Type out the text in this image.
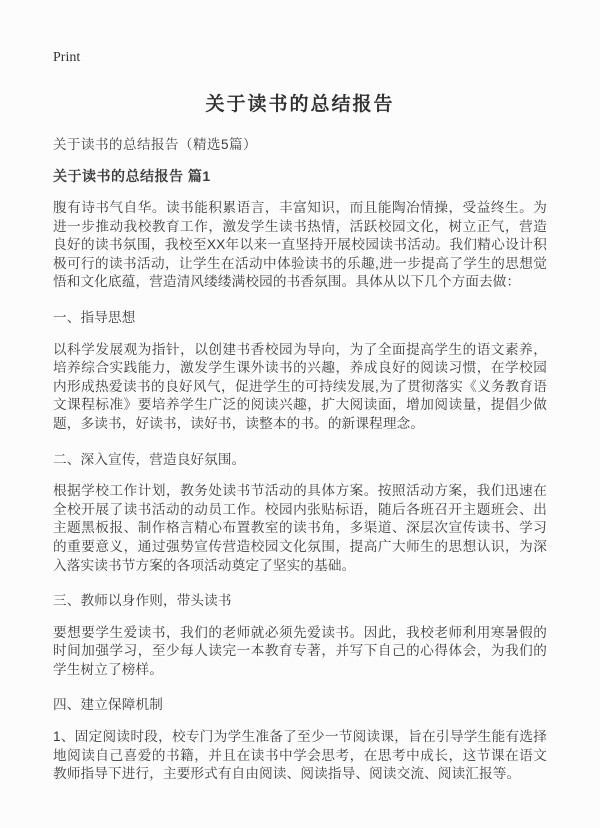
Print
关于读书的总结报告
关于读书的总结报告（精选5篇）
关于读书的总结报告 篇1

腹有诗书气自华。读书能积累语言，丰富知识，而且能陶冶情操，受益终生。为进一步推动我校教育工作，激发学生读书热情，活跃校园文化，树立正气，营造良好的读书氛围，我校至XX年以来一直坚持开展校园读书活动。我们精心设计积极可行的读书活动，让学生在活动中体验读书的乐趣,进一步提高了学生的思想觉悟和文化底蕴，营造清风缕缕满校园的书香氛围。具体从以下几个方面去做：

一、指导思想

以科学发展观为指针，以创建书香校园为导向，为了全面提高学生的语文素养，培养综合实践能力，激发学生课外读书的兴趣，养成良好的阅读习惯，在学校园内形成热爱读书的良好风气，促进学生的可持续发展,为了贯彻落实《义务教育语文课程标准》要培养学生广泛的阅读兴趣，扩大阅读面，增加阅读量，提倡少做题，多读书，好读书，读好书，读整本的书。的新课程理念。

二、深入宣传，营造良好氛围。

根据学校工作计划，教务处读书节活动的具体方案。按照活动方案，我们迅速在全校开展了读书活动的动员工作。校园内张贴标语，随后各班召开主题班会、出主题黑板报、制作格言精心布置教室的读书角，多渠道、深层次宣传读书、学习的重要意义，通过强势宣传营造校园文化氛围，提高广大师生的思想认识，为深入落实读书节方案的各项活动奠定了坚实的基础。

三、教师以身作则，带头读书

要想要学生爱读书，我们的老师就必须先爱读书。因此，我校老师利用寒暑假的时间加强学习，至少每人读完一本教育专著，并写下自己的心得体会，为我们的学生树立了榜样。

四、建立保障机制

1、固定阅读时段，校专门为学生准备了至少一节阅读课，旨在引导学生能有选择地阅读自己喜爱的书籍，并且在读书中学会思考，在思考中成长，这节课在语文教师指导下进行，主要形式有自由阅读、阅读指导、阅读交流、阅读汇报等。
